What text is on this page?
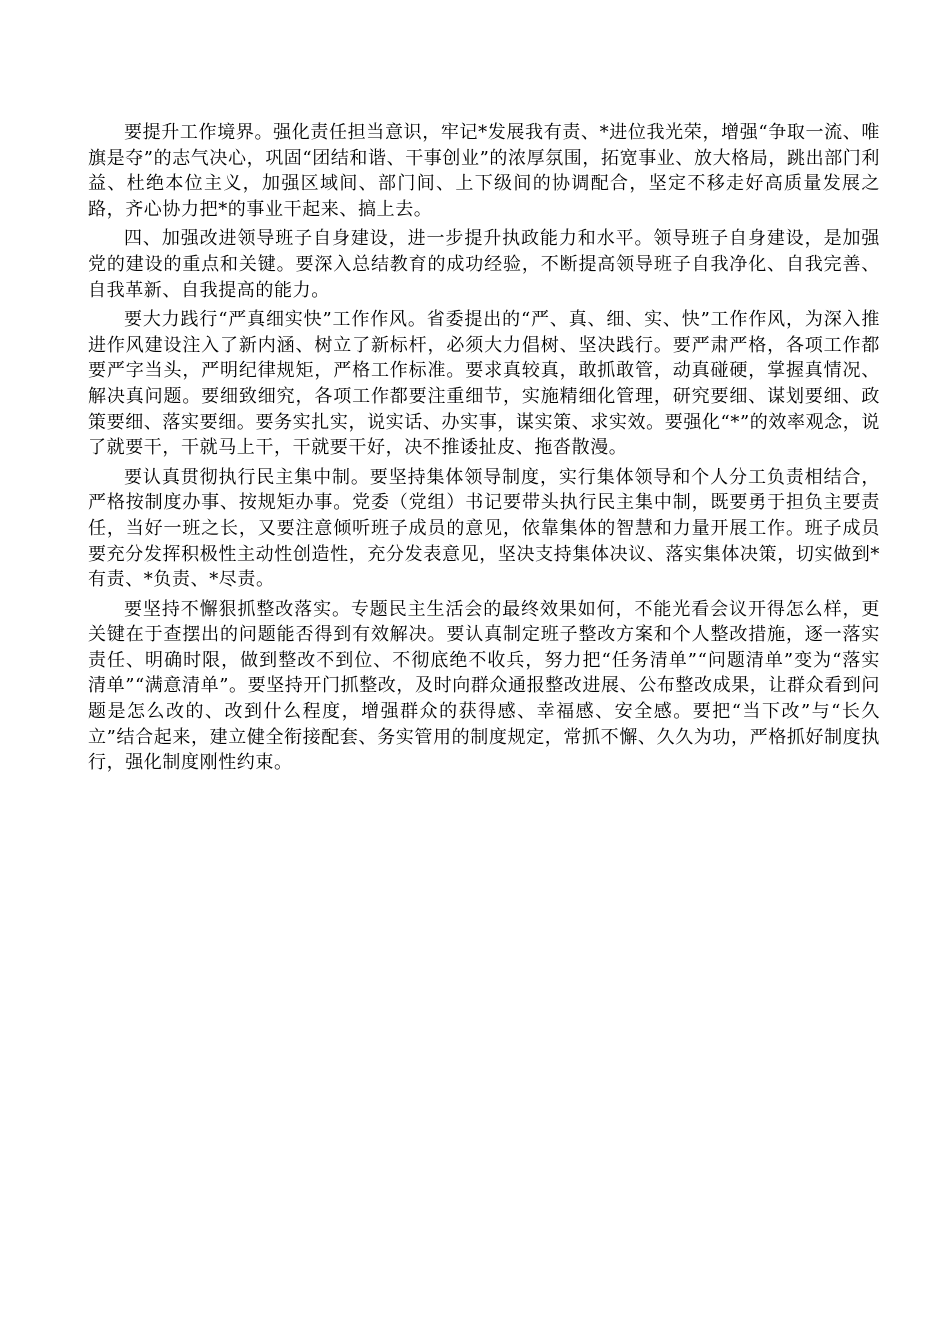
要提升工作境界。强化责任担当意识，牢记*发展我有责、*进位我光荣，增强“争取一流、唯旗是夺”的志气决心，巩固“团结和谐、干事创业”的浓厚氛围，拓宽事业、放大格局，跳出部门利益、杜绝本位主义，加强区域间、部门间、上下级间的协调配合，坚定不移走好高质量发展之路，齐心协力把*的事业干起来、搞上去。

四、加强改进领导班子自身建设，进一步提升执政能力和水平。领导班子自身建设，是加强党的建设的重点和关键。要深入总结教育的成功经验，不断提高领导班子自我净化、自我完善、自我革新、自我提高的能力。

要大力践行“严真细实快”工作作风。省委提出的“严、真、细、实、快”工作作风，为深入推进作风建设注入了新内涵、树立了新标杆，必须大力倡树、坚决践行。要严肃严格，各项工作都要严字当头，严明纪律规矩，严格工作标准。要求真较真，敢抓敢管，动真碰硬，掌握真情况、解决真问题。要细致细究，各项工作都要注重细节，实施精细化管理，研究要细、谋划要细、政策要细、落实要细。要务实扎实，说实话、办实事，谋实策、求实效。要强化“*”的效率观念，说了就要干，干就马上干，干就要干好，决不推诿扯皮、拖沓散漫。

要认真贯彻执行民主集中制。要坚持集体领导制度，实行集体领导和个人分工负责相结合，严格按制度办事、按规矩办事。党委（党组）书记要带头执行民主集中制，既要勇于担负主要责任，当好一班之长，又要注意倾听班子成员的意见，依靠集体的智慧和力量开展工作。班子成员要充分发挥积极性主动性创造性，充分发表意见，坚决支持集体决议、落实集体决策，切实做到*有责、*负责、*尽责。

要坚持不懈狠抓整改落实。专题民主生活会的最终效果如何，不能光看会议开得怎么样，更关键在于查摆出的问题能否得到有效解决。要认真制定班子整改方案和个人整改措施，逐一落实责任、明确时限，做到整改不到位、不彻底绝不收兵，努力把“任务清单”“问题清单”变为“落实清单”“满意清单”。要坚持开门抓整改，及时向群众通报整改进展、公布整改成果，让群众看到问题是怎么改的、改到什么程度，增强群众的获得感、幸福感、安全感。要把“当下改”与“长久立”结合起来，建立健全衔接配套、务实管用的制度规定，常抓不懈、久久为功，严格抓好制度执行，强化制度刚性约束。
